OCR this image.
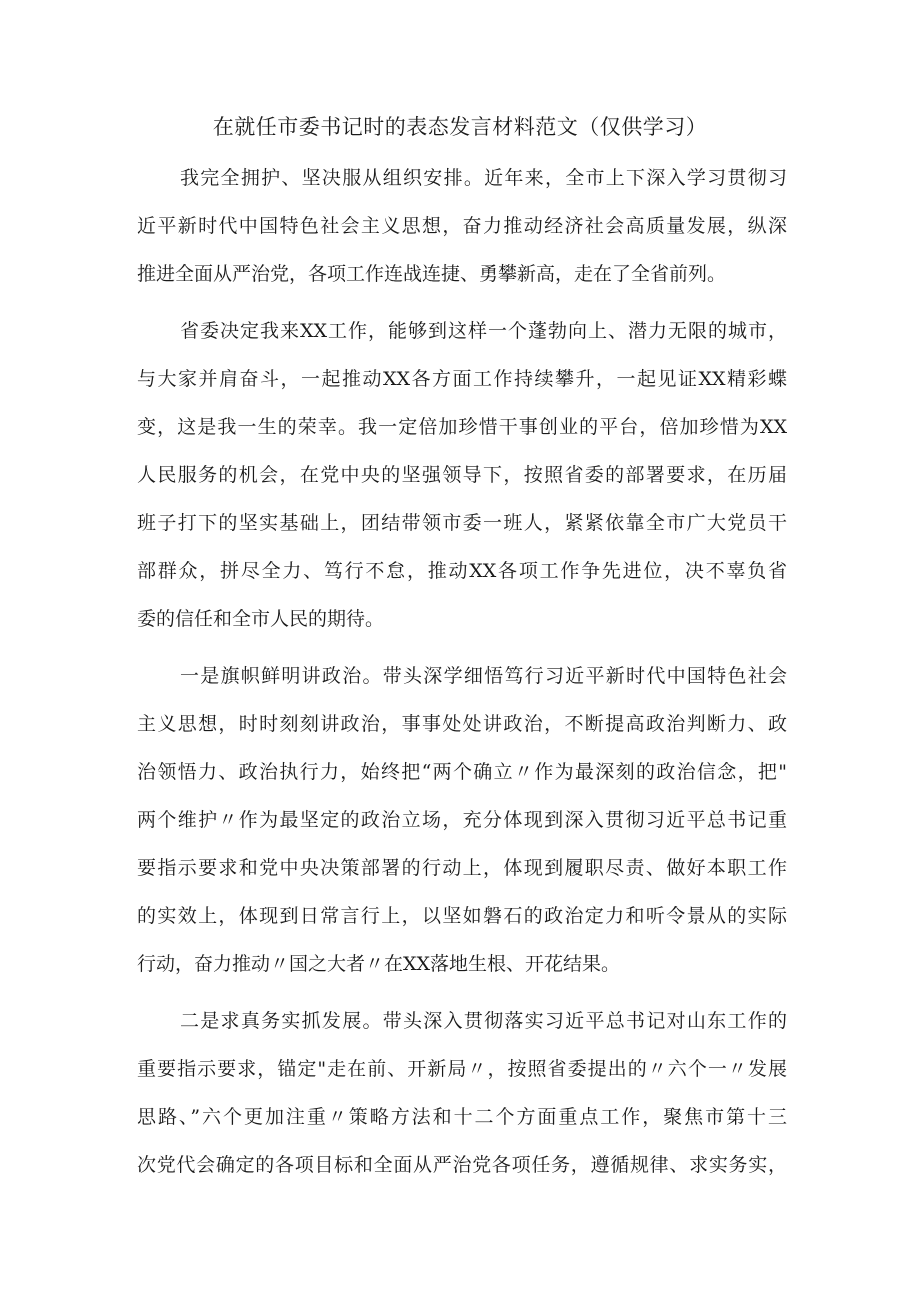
在就任市委书记时的表态发言材料范文（仅供学习）
我完全拥护、坚决服从组织安排。近年来，全市上下深入学习贯彻习
近平新时代中国特色社会主义思想，奋力推动经济社会高质量发展，纵深
推进全面从严治党，各项工作连战连捷、勇攀新高，走在了全省前列。
省委决定我来XX工作，能够到这样一个蓬勃向上、潜力无限的城市，
与大家并肩奋斗，一起推动XX各方面工作持续攀升，一起见证XX精彩蝶
变，这是我一生的荣幸。我一定倍加珍惜干事创业的平台，倍加珍惜为XX
人民服务的机会，在党中央的坚强领导下，按照省委的部署要求，在历届
班子打下的坚实基础上，团结带领市委一班人，紧紧依靠全市广大党员干
部群众，拼尽全力、笃行不怠，推动XX各项工作争先进位，决不辜负省
委的信任和全市人民的期待。
一是旗帜鲜明讲政治。带头深学细悟笃行习近平新时代中国特色社会
主义思想，时时刻刻讲政治，事事处处讲政治，不断提高政治判断力、政
治领悟力、政治执行力，始终把“两个确立〃作为最深刻的政治信念，把"
两个维护〃作为最坚定的政治立场，充分体现到深入贯彻习近平总书记重
要指示要求和党中央决策部署的行动上，体现到履职尽责、做好本职工作
的实效上，体现到日常言行上，以坚如磐石的政治定力和听令景从的实际
行动，奋力推动〃国之大者〃在XX落地生根、开花结果。
二是求真务实抓发展。带头深入贯彻落实习近平总书记对山东工作的
重要指示要求，锚定"走在前、开新局〃，按照省委提出的〃六个一〃发展
思路、”六个更加注重〃策略方法和十二个方面重点工作，聚焦市第十三
次党代会确定的各项目标和全面从严治党各项任务，遵循规律、求实务实，
